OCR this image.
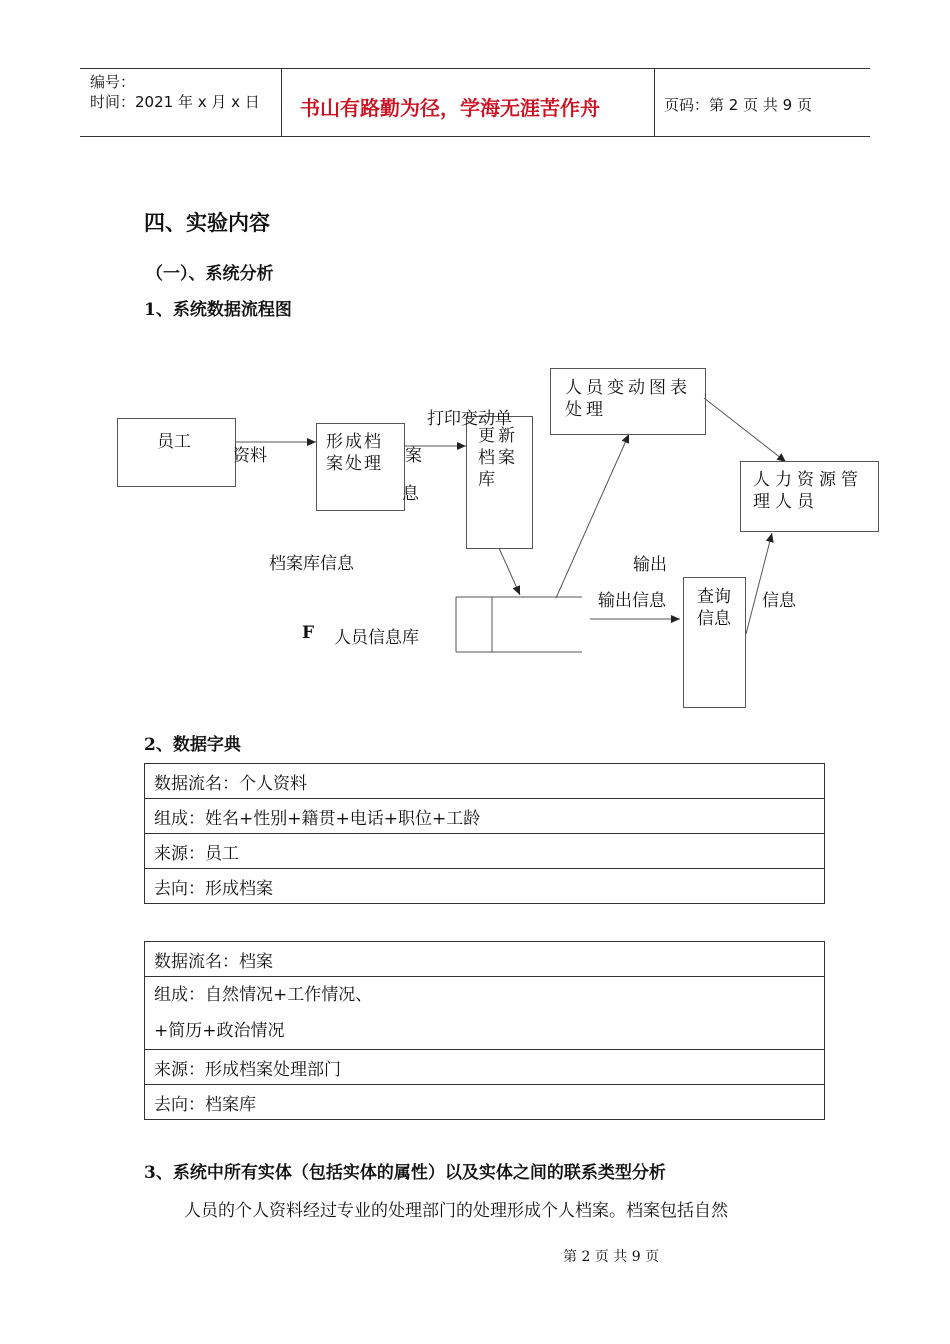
编号：
时间：2021 年 x 月 x 日 书山有路勤为径，学海无涯苦作舟	页码：第 2 页 共 9 页
四、实验内容
（一）、系统分析
1、系统数据流程图
员工
资料
形成档案处理	案
息
打印变动单
更新档案库
人员变动图表处理
人力资源管理人员
档案库信息	输出
输出信息 查询信息
信息
F 人员信息库
2、数据字典
数据流名：个人资料
组成：姓名+性别+籍贯+电话+职位+工龄
来源：员工
去向：形成档案
数据流名：档案

组成：自然情况+工作情况、
+简历+政治情况

来源：形成档案处理部门
去向：档案库
3、系统中所有实体（包括实体的属性）以及实体之间的联系类型分析
人员的个人资料经过专业的处理部门的处理形成个人档案。档案包括自然
第 2 页 共 9 页
